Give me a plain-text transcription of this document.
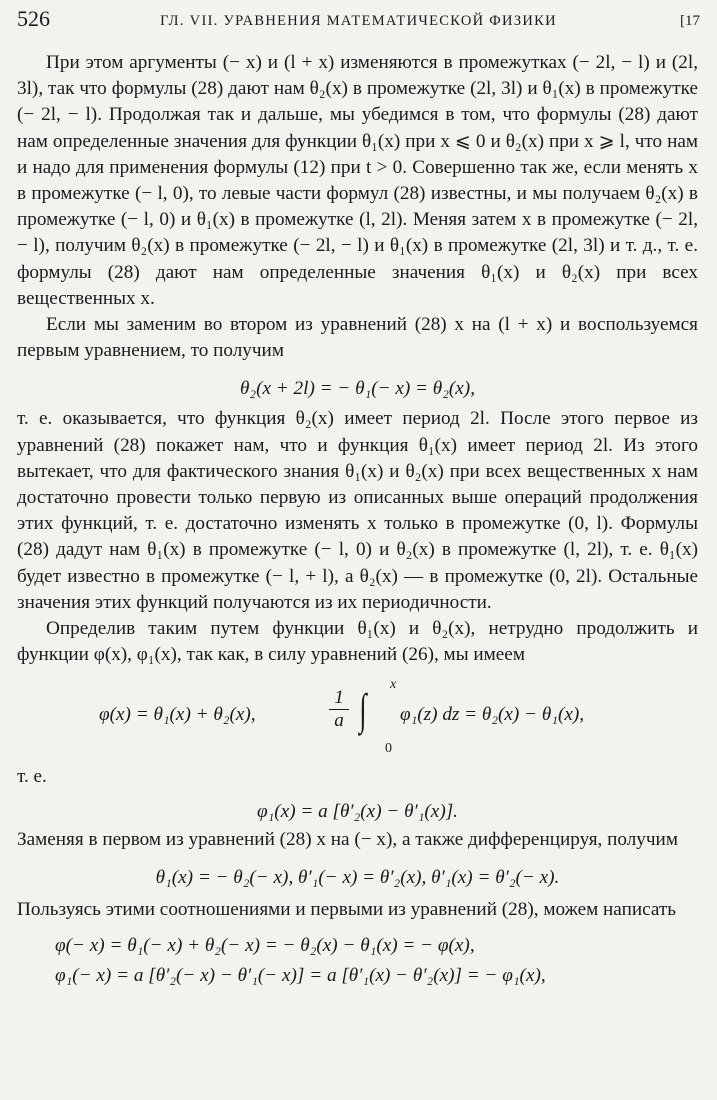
526	ГЛ. VII. УРАВНЕНИЯ МАТЕМАТИЧЕСКОЙ ФИЗИКИ	[17

При этом аргументы (− x) и (l + x) изменяются в промежутках (− 2l, − l) и (2l, 3l), так что формулы (28) дают нам θ₂(x) в промежутке (2l, 3l) и θ₁(x) в промежутке (− 2l, − l). Продолжая так и дальше, мы убедимся в том, что формулы (28) дают нам определенные значения для функции θ₁(x) при x ⩽ 0 и θ₂(x) при x ⩾ l, что нам и надо для применения формулы (12) при t > 0. Совершенно так же, если менять x в промежутке (− l, 0), то левые части формул (28) известны, и мы получаем θ₂(x) в промежутке (− l, 0) и θ₁(x) в промежутке (l, 2l). Меняя затем x в промежутке (− 2l, − l), получим θ₂(x) в промежутке (− 2l, − l) и θ₁(x) в промежутке (2l, 3l) и т. д., т. е. формулы (28) дают нам определенные значения θ₁(x) и θ₂(x) при всех вещественных x.

Если мы заменим во втором из уравнений (28) x на (l + x) и воспользуемся первым уравнением, то получим

θ₂(x + 2l) = − θ₁(− x) = θ₂(x),

т. е. оказывается, что функция θ₂(x) имеет период 2l. После этого первое из уравнений (28) покажет нам, что и функция θ₁(x) имеет период 2l. Из этого вытекает, что для фактического знания θ₁(x) и θ₂(x) при всех вещественных x нам достаточно провести только первую из описанных выше операций продолжения этих функций, т. е. достаточно изменять x только в промежутке (0, l). Формулы (28) дадут нам θ₁(x) в промежутке (− l, 0) и θ₂(x) в промежутке (l, 2l), т. е. θ₁(x) будет известно в промежутке (− l, + l), а θ₂(x) — в промежутке (0, 2l). Остальные значения этих функций получаются из их периодичности.

Определив таким путем функции θ₁(x) и θ₂(x), нетрудно продолжить и функции φ(x), φ₁(x), так как, в силу уравнений (26), мы имеем

φ(x) = θ₁(x) + θ₂(x),
1
a ∫
x
0
φ₁(z) dz = θ₂(x) − θ₁(x),

т. е.

φ₁(x) = a [θ′₂(x) − θ′₁(x)].

Заменяя в первом из уравнений (28) x на (− x), а также дифференцируя, получим

θ₁(x) = − θ₂(− x), θ′₁(− x) = θ′₂(x), θ′₁(x) = θ′₂(− x).

Пользуясь этими соотношениями и первыми из уравнений (28), можем написать

φ(− x) = θ₁(− x) + θ₂(− x) = − θ₂(x) − θ₁(x) = − φ(x),
φ₁(− x) = a [θ′₂(− x) − θ′₁(− x)] = a [θ′₁(x) − θ′₂(x)] = − φ₁(x),
